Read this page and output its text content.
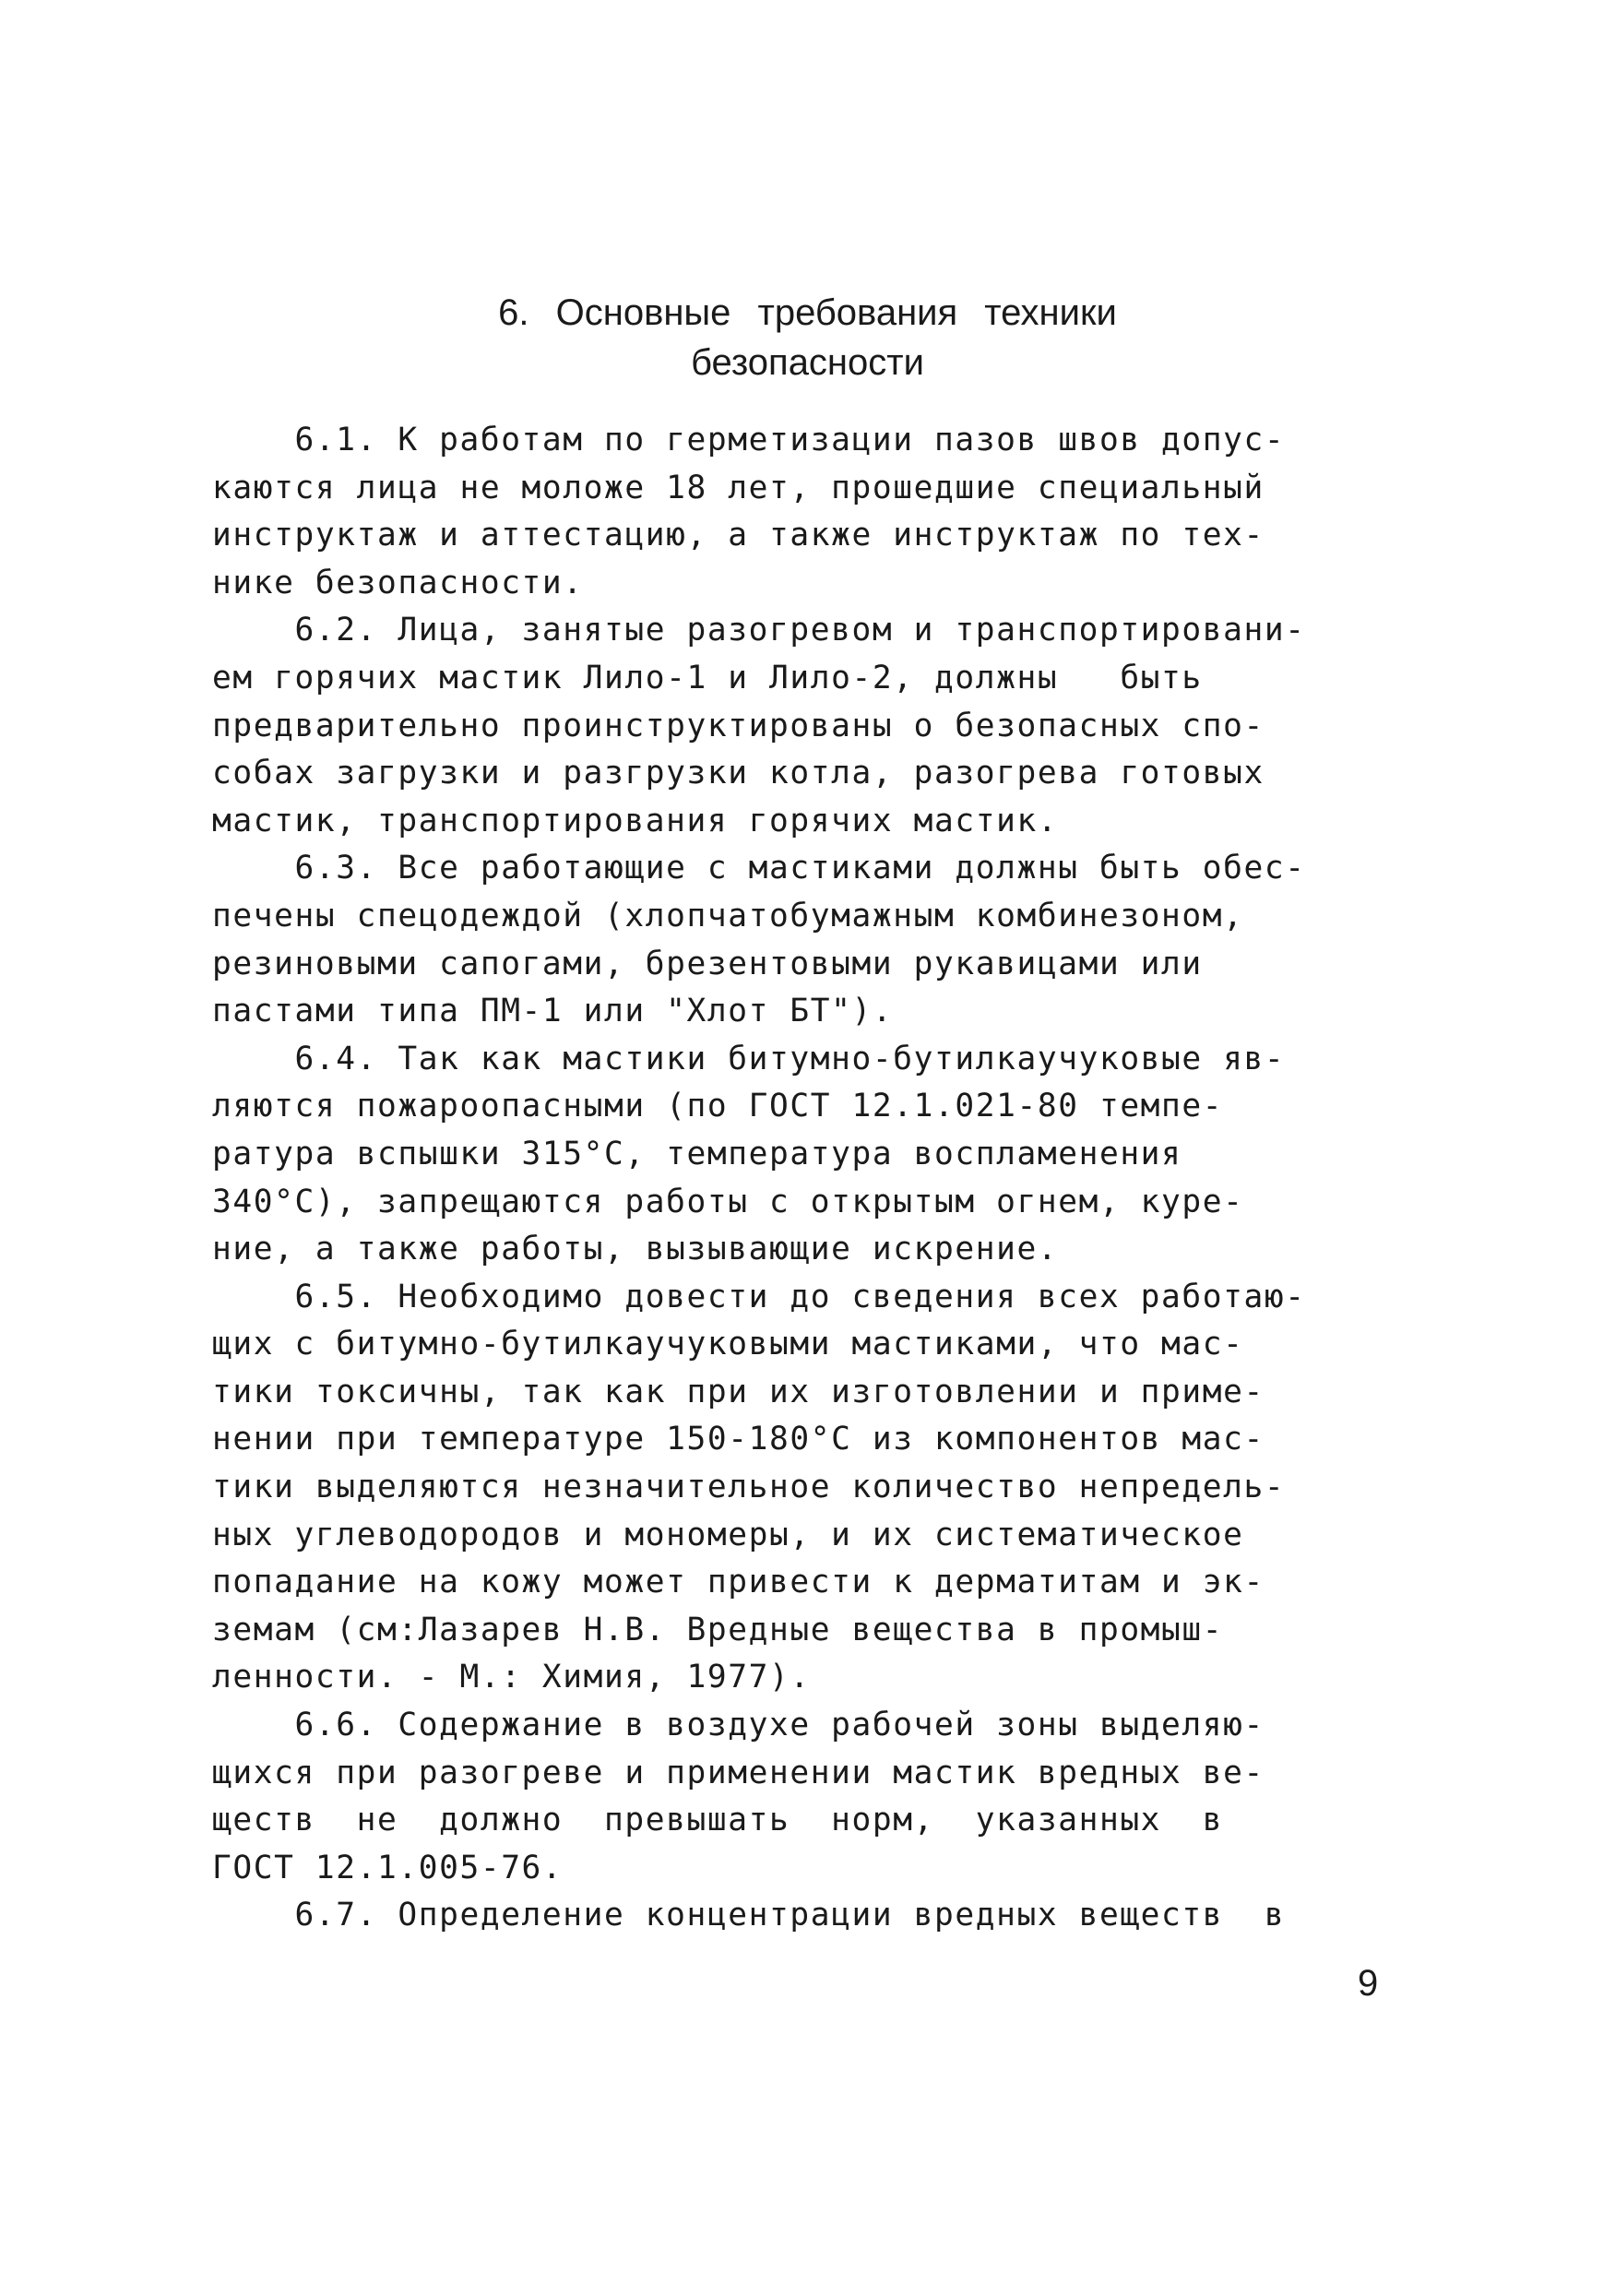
6. Основные требования техники
безопасности
6.1. К работам по герметизации пазов швов допус-
каются лица не моложе 18 лет, прошедшие специальный
инструктаж и аттестацию, а также инструктаж по тех-
нике безопасности.
6.2. Лица, занятые разогревом и транспортировани-
ем горячих мастик Лило-1 и Лило-2, должны   быть
предварительно проинструктированы о безопасных спо-
собах загрузки и разгрузки котла, разогрева готовых
мастик, транспортирования горячих мастик.
6.3. Все работающие с мастиками должны быть обес-
печены спецодеждой (хлопчатобумажным комбинезоном,
резиновыми сапогами, брезентовыми рукавицами или
пастами типа ПМ-1 или "Хлот БТ").
6.4. Так как мастики битумно-бутилкаучуковые яв-
ляются пожароопасными (по ГОСТ 12.1.021-80 темпе-
ратура вспышки 315°С, температура воспламенения
340°С), запрещаются работы с открытым огнем, куре-
ние, а также работы, вызывающие искрение.
6.5. Необходимо довести до сведения всех работаю-
щих с битумно-бутилкаучуковыми мастиками, что мас-
тики токсичны, так как при их изготовлении и приме-
нении при температуре 150-180°С из компонентов мас-
тики выделяются незначительное количество непредель-
ных углеводородов и мономеры, и их систематическое
попадание на кожу может привести к дерматитам и эк-
земам (см:Лазарев Н.В. Вредные вещества в промыш-
ленности. - М.: Химия, 1977).
6.6. Содержание в воздухе рабочей зоны выделяю-
щихся при разогреве и применении мастик вредных ве-
ществ  не  должно  превышать  норм,  указанных  в
ГОСТ 12.1.005-76.
6.7. Определение концентрации вредных веществ  в
9
